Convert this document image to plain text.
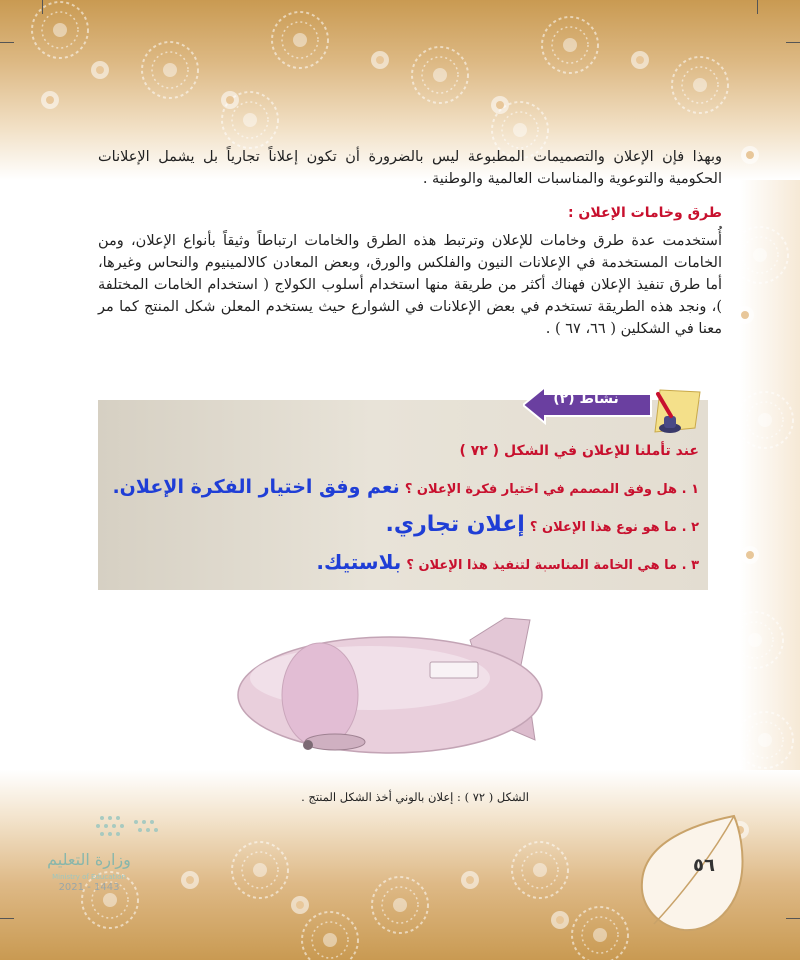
وبهذا فإن الإعلان والتصميمات المطبوعة ليس بالضرورة أن تكون إعلاناً تجارياً بل يشمل الإعلانات الحكومية والتوعوية والمناسبات العالمية والوطنية .
طرق وخامات الإعلان :
أُستخدمت عدة طرق وخامات للإعلان وترتبط هذه الطرق والخامات ارتباطاً وثيقاً بأنواع الإعلان، ومن الخامات المستخدمة في الإعلانات النيون والفلكس والورق، وبعض المعادن كالالمينيوم والنحاس وغيرها، أما طرق تنفيذ الإعلان فهناك أكثر من طريقة منها استخدام أسلوب الكولاج ( استخدام الخامات المختلفة )، ونجد هذه الطريقة تستخدم في بعض الإعلانات في الشوارع حيث يستخدم المعلن شكل المنتج كما مر معنا في الشكلين ( ٦٦، ٦٧ ) .
نشاط (٢)
عند تأملنا للإعلان في الشكل ( ٧٢ )
١ . هل وفق المصمم في اختيار فكرة الإعلان ؟ نعم وفق اختيار الفكرة الإعلان.
٢ . ما هو نوع هذا الإعلان ؟ إعلان تجاري.
٣ . ما هي الخامة المناسبة لتنفيذ هذا الإعلان ؟ بلاستيك.
الشكل ( ٧٢ ) : إعلان بالوني أخذ الشكل المنتج .
٥٦
وزارة التعليم
Ministry of Education
2021 - 1443
